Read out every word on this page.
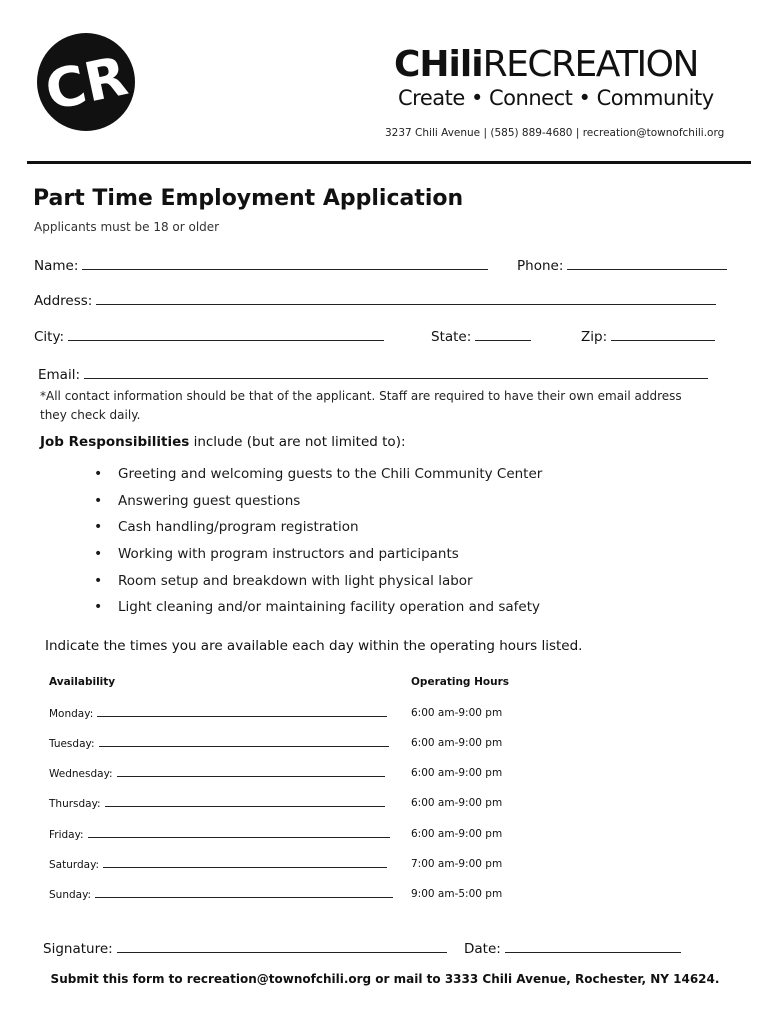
CR	CHiliRECREATION
Create • Connect • Community
3237 Chili Avenue | (585) 889-4680 | recreation@townofchili.org
Part Time Employment Application
Applicants must be 18 or older
Name:	Phone:
Address:
City:	State:	Zip:
Email:
*All contact information should be that of the applicant. Staff are required to have their own email address they check daily.
Job Responsibilities include (but are not limited to):
• Greeting and welcoming guests to the Chili Community Center
• Answering guest questions
• Cash handling/program registration
• Working with program instructors and participants
• Room setup and breakdown with light physical labor
• Light cleaning and/or maintaining facility operation and safety
Indicate the times you are available each day within the operating hours listed.
Availability	Operating Hours
Monday:	6:00 am-9:00 pm
Tuesday:	6:00 am-9:00 pm
Wednesday:	6:00 am-9:00 pm
Thursday:	6:00 am-9:00 pm
Friday:	6:00 am-9:00 pm
Saturday:	7:00 am-9:00 pm
Sunday:	9:00 am-5:00 pm
Signature:	Date:
Submit this form to recreation@townofchili.org or mail to 3333 Chili Avenue, Rochester, NY 14624.
